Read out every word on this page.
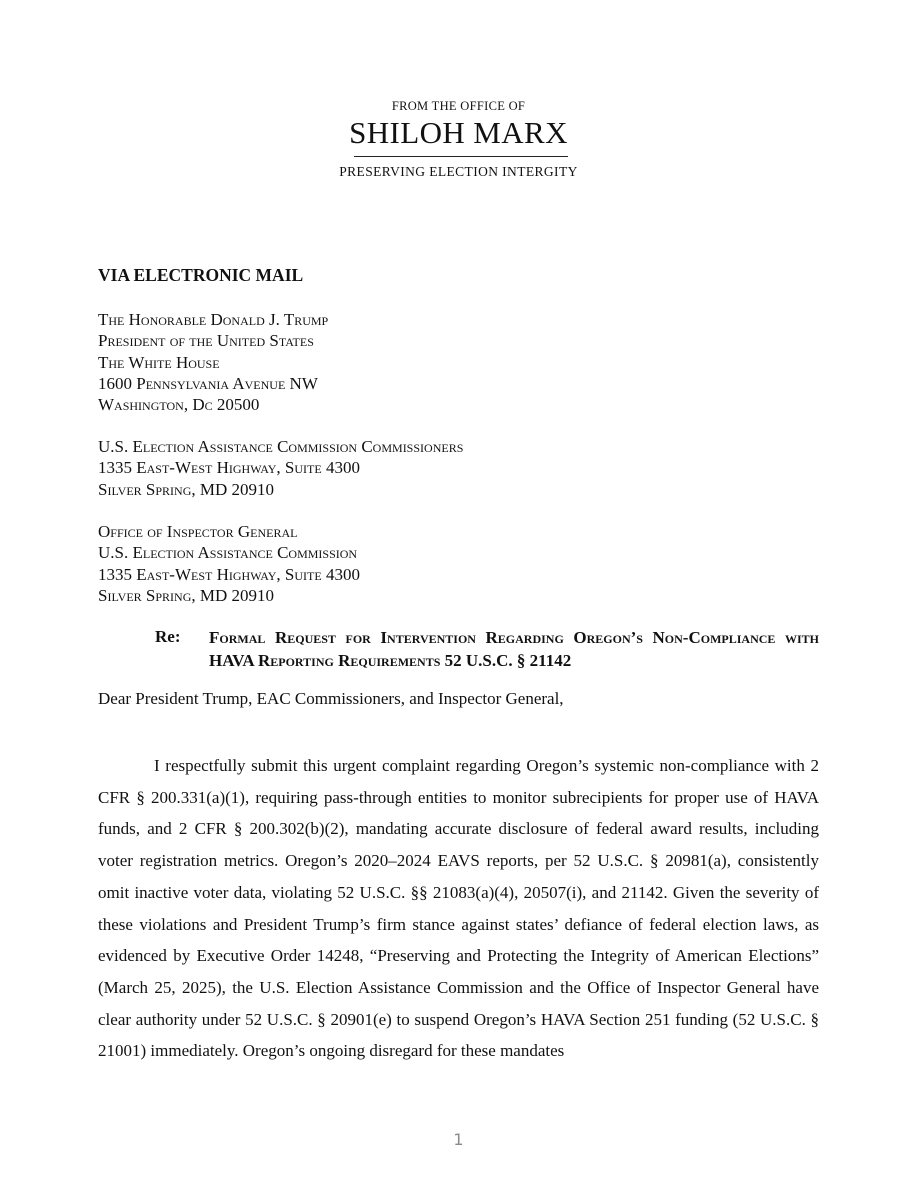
FROM THE OFFICE OF
SHILOH MARX
PRESERVING ELECTION INTERGITY
VIA ELECTRONIC MAIL
The Honorable Donald J. Trump
President of the United States
The White House
1600 Pennsylvania Avenue NW
Washington, Dc 20500
U.S. Election Assistance Commission Commissioners
1335 East-West Highway, Suite 4300
Silver Spring, MD 20910
Office of Inspector General
U.S. Election Assistance Commission
1335 East-West Highway, Suite 4300
Silver Spring, MD 20910
Re: Formal Request for Intervention Regarding Oregon’s Non-Compliance with HAVA Reporting Requirements 52 U.S.C. § 21142
Dear President Trump, EAC Commissioners, and Inspector General,

I respectfully submit this urgent complaint regarding Oregon’s systemic non-compliance with 2 CFR § 200.331(a)(1), requiring pass-through entities to monitor subrecipients for proper use of HAVA funds, and 2 CFR § 200.302(b)(2), mandating accurate disclosure of federal award results, including voter registration metrics. Oregon’s 2020–2024 EAVS reports, per 52 U.S.C. § 20981(a), consistently omit inactive voter data, violating 52 U.S.C. §§ 21083(a)(4), 20507(i), and 21142. Given the severity of these violations and President Trump’s firm stance against states’ defiance of federal election laws, as evidenced by Executive Order 14248, “Preserving and Protecting the Integrity of American Elections” (March 25, 2025), the U.S. Election Assistance Commission and the Office of Inspector General have clear authority under 52 U.S.C. § 20901(e) to suspend Oregon’s HAVA Section 251 funding (52 U.S.C. § 21001) immediately. Oregon’s ongoing disregard for these mandates

1
